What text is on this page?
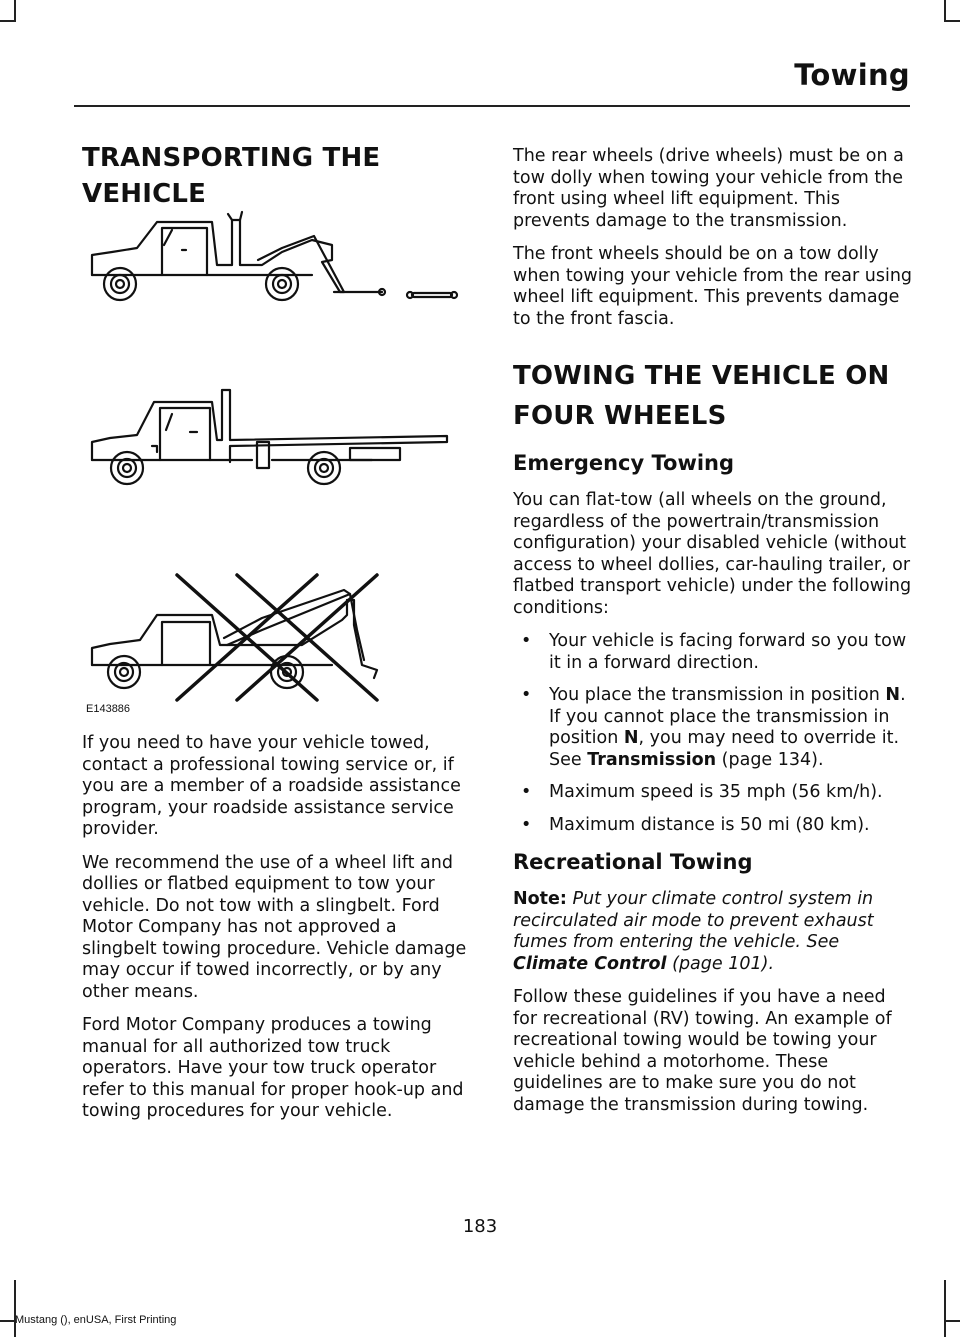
Towing
TRANSPORTING THE VEHICLE
E143886

If you need to have your vehicle towed, contact a professional towing service or, if you are a member of a roadside assistance program, your roadside assistance service provider.

We recommend the use of a wheel lift and dollies or flatbed equipment to tow your vehicle. Do not tow with a slingbelt. Ford Motor Company has not approved a slingbelt towing procedure. Vehicle damage may occur if towed incorrectly, or by any other means.

Ford Motor Company produces a towing manual for all authorized tow truck operators. Have your tow truck operator refer to this manual for proper hook-up and towing procedures for your vehicle.

The rear wheels (drive wheels) must be on a tow dolly when towing your vehicle from the front using wheel lift equipment. This prevents damage to the transmission.

The front wheels should be on a tow dolly when towing your vehicle from the rear using wheel lift equipment. This prevents damage to the front fascia.

TOWING THE VEHICLE ON
FOUR WHEELS
Emergency Towing

You can flat-tow (all wheels on the ground, regardless of the powertrain/transmission configuration) your disabled vehicle (without access to wheel dollies, car-hauling trailer, or flatbed transport vehicle) under the following conditions:

• Your vehicle is facing forward so you tow it in a forward direction.
• You place the transmission in position N. If you cannot place the transmission in position N, you may need to override it. See Transmission (page 134).
• Maximum speed is 35 mph (56 km/h).
• Maximum distance is 50 mi (80 km).
Recreational Towing

Note: Put your climate control system in recirculated air mode to prevent exhaust fumes from entering the vehicle. See Climate Control (page 101).

Follow these guidelines if you have a need for recreational (RV) towing. An example of recreational towing would be towing your vehicle behind a motorhome. These guidelines are to make sure you do not damage the transmission during towing.

183
Mustang (), enUSA, First Printing
